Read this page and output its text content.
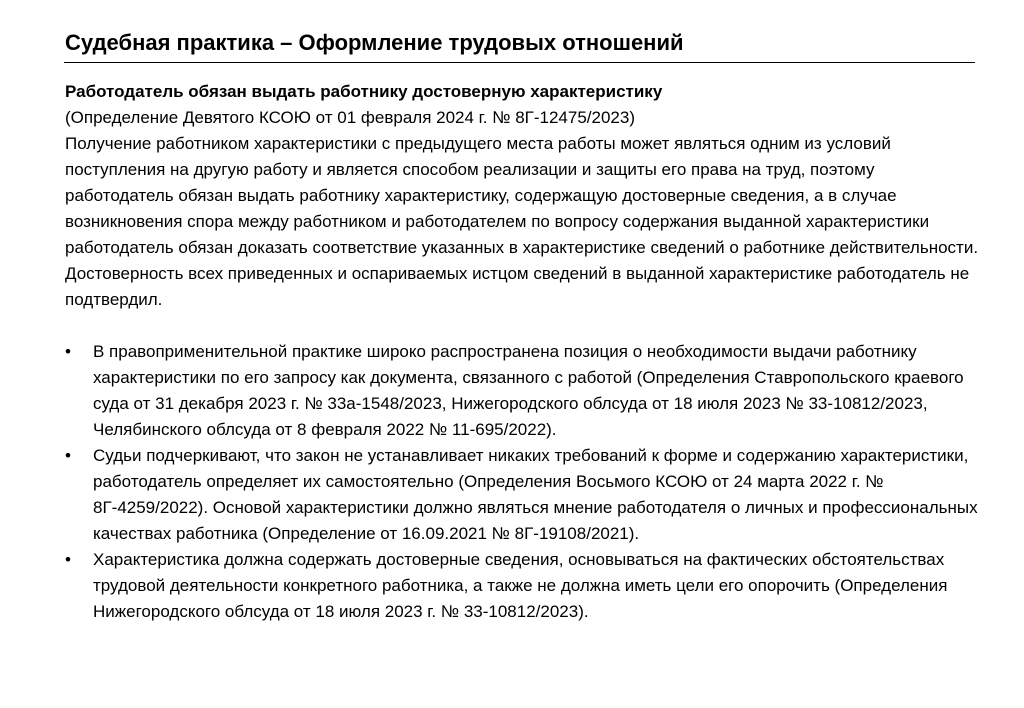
Судебная практика – Оформление трудовых отношений
Работодатель обязан выдать работнику достоверную характеристику
(Определение Девятого КСОЮ от 01 февраля 2024 г. № 8Г-12475/2023)

Получение работником характеристики с предыдущего места работы может являться одним из условий поступления на другую работу и является способом реализации и защиты его права на труд, поэтому работодатель обязан выдать работнику характеристику, содержащую достоверные сведения, а в случае возникновения спора между работником и работодателем по вопросу содержания выданной характеристики работодатель обязан доказать соответствие указанных в характеристике сведений о работнике действительности. Достоверность всех приведенных и оспариваемых истцом сведений в выданной характеристике работодатель не подтвердил.

•	В правоприменительной практике широко распространена позиция о необходимости выдачи работнику характеристики по его запросу как документа, связанного с работой (Определения Ставропольского краевого суда от 31 декабря 2023 г. № 33а-1548/2023, Нижегородского облсуда от 18 июля 2023 № 33-10812/2023, Челябинского облсуда от 8 февраля 2022 № 11-695/2022).
•	Судьи подчеркивают, что закон не устанавливает никаких требований к форме и содержанию характеристики, работодатель определяет их самостоятельно (Определения Восьмого КСОЮ от 24 марта 2022 г. № 8Г-4259/2022). Основой характеристики должно являться мнение работодателя о личных и профессиональных качествах работника (Определение от 16.09.2021 № 8Г-19108/2021).
•	Характеристика должна содержать достоверные сведения, основываться на фактических обстоятельствах трудовой деятельности конкретного работника, а также не должна иметь цели его опорочить (Определения Нижегородского облсуда от 18 июля 2023 г. № 33-10812/2023).
